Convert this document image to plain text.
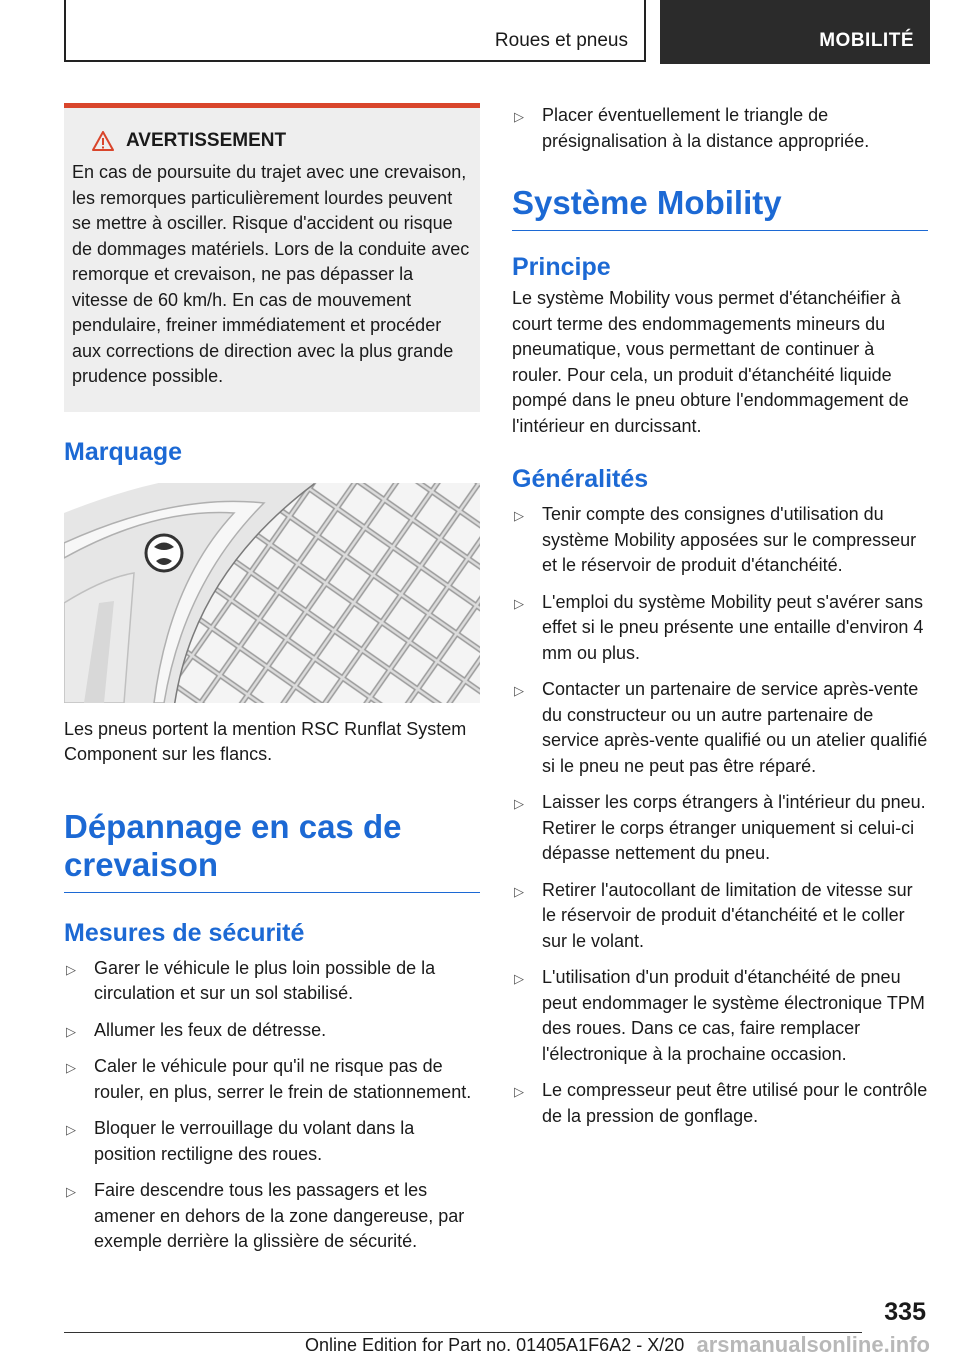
Roues et pneus	MOBILITÉ
AVERTISSEMENT

En cas de poursuite du trajet avec une crevaison, les remorques particulièrement lourdes peuvent se mettre à osciller. Risque d'accident ou risque de dommages matériels. Lors de la conduite avec remorque et crevaison, ne pas dépasser la vitesse de 60 km/h. En cas de mouvement pendulaire, freiner immédiatement et procéder aux corrections de direction avec la plus grande prudence possible.

Marquage

Les pneus portent la mention RSC Runflat System Component sur les flancs.

Dépannage en cas de crevaison
Mesures de sécurité
▷ Garer le véhicule le plus loin possible de la circulation et sur un sol stabilisé.
▷ Allumer les feux de détresse.
▷ Caler le véhicule pour qu'il ne risque pas de rouler, en plus, serrer le frein de stationnement.
▷ Bloquer le verrouillage du volant dans la position rectiligne des roues.
▷ Faire descendre tous les passagers et les amener en dehors de la zone dangereuse, par exemple derrière la glissière de sécurité.
▷ Placer éventuellement le triangle de présignalisation à la distance appropriée.
Système Mobility
Principe

Le système Mobility vous permet d'étanchéifier à court terme des endommagements mineurs du pneumatique, vous permettant de continuer à rouler. Pour cela, un produit d'étanchéité liquide pompé dans le pneu obture l'endommagement de l'intérieur en durcissant.

Généralités
▷ Tenir compte des consignes d'utilisation du système Mobility apposées sur le compresseur et le réservoir de produit d'étanchéité.
▷ L'emploi du système Mobility peut s'avérer sans effet si le pneu présente une entaille d'environ 4 mm ou plus.
▷ Contacter un partenaire de service après-vente du constructeur ou un autre partenaire de service après-vente qualifié ou un atelier qualifié si le pneu ne peut pas être réparé.
▷ Laisser les corps étrangers à l'intérieur du pneu. Retirer le corps étranger uniquement si celui-ci dépasse nettement du pneu.
▷ Retirer l'autocollant de limitation de vitesse sur le réservoir de produit d'étanchéité et le coller sur le volant.
▷ L'utilisation d'un produit d'étanchéité de pneu peut endommager le système électronique TPM des roues. Dans ce cas, faire remplacer l'électronique à la prochaine occasion.
▷ Le compresseur peut être utilisé pour le contrôle de la pression de gonflage.
335
Online Edition for Part no. 01405A1F6A2 - X/20 arsmanualsonline.info
